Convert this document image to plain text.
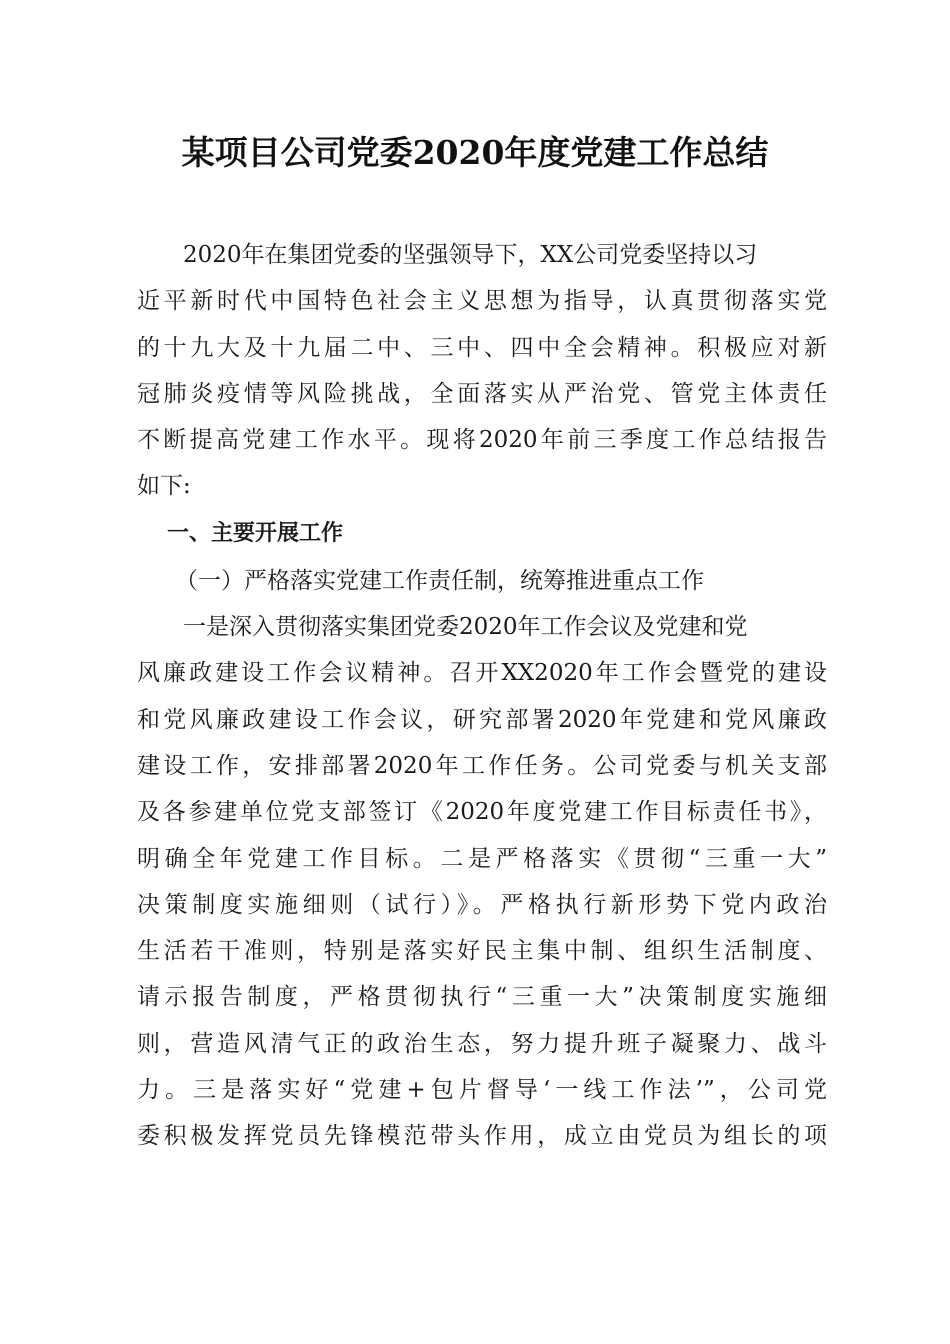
某项目公司党委2020年度党建工作总结
2020年在集团党委的坚强领导下，XX公司党委坚持以习
近平新时代中国特色社会主义思想为指导，认真贯彻落实党
的十九大及十九届二中、三中、四中全会精神。积极应对新
冠肺炎疫情等风险挑战，全面落实从严治党、管党主体责任
不断提高党建工作水平。现将2020年前三季度工作总结报告
如下:
一、主要开展工作
（一）严格落实党建工作责任制，统筹推进重点工作
一是深入贯彻落实集团党委2020年工作会议及党建和党
风廉政建设工作会议精神。召开XX2020年工作会暨党的建设
和党风廉政建设工作会议，研究部署2020年党建和党风廉政
建设工作，安排部署2020年工作任务。公司党委与机关支部
及各参建单位党支部签订《2020年度党建工作目标责任书》，
明确全年党建工作目标。二是严格落实《贯彻“三重一大”
决策制度实施细则（试行）》。严格执行新形势下党内政治
生活若干准则，特别是落实好民主集中制、组织生活制度、
请示报告制度，严格贯彻执行“三重一大”决策制度实施细
则，营造风清气正的政治生态，努力提升班子凝聚力、战斗
力。三是落实好“党建+包片督导‘一线工作法’”，公司党
委积极发挥党员先锋模范带头作用，成立由党员为组长的项
